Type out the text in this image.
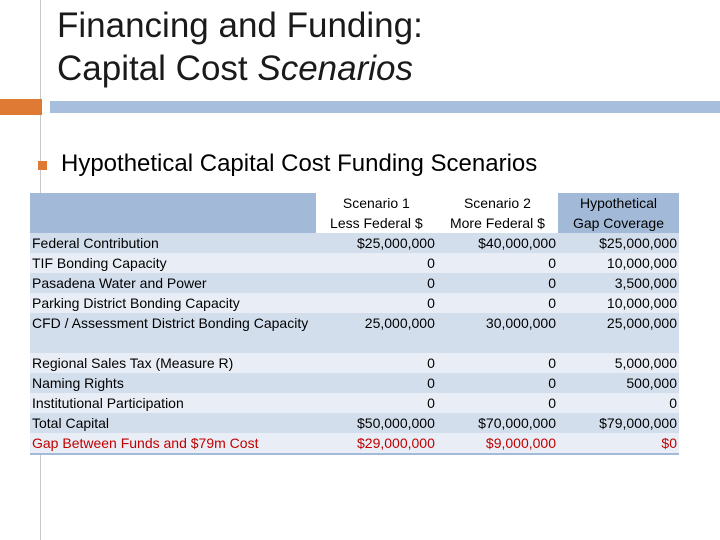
Financing and Funding:
Capital Cost Scenarios
Hypothetical Capital Cost Funding Scenarios
	Scenario 1	Scenario 2	Hypothetical
	Less Federal $	More Federal $	Gap Coverage
Federal Contribution	$25,000,000	$40,000,000	$25,000,000
TIF Bonding Capacity	0	0	10,000,000
Pasadena Water and Power	0	0	3,500,000
Parking District Bonding Capacity	0	0	10,000,000
CFD / Assessment District Bonding Capacity	25,000,000	30,000,000	25,000,000
Regional Sales Tax (Measure R)	0	0	5,000,000
Naming Rights	0	0	500,000
Institutional Participation	0	0	0
Total Capital	$50,000,000	$70,000,000	$79,000,000
Gap Between Funds and $79m Cost	$29,000,000	$9,000,000	$0
